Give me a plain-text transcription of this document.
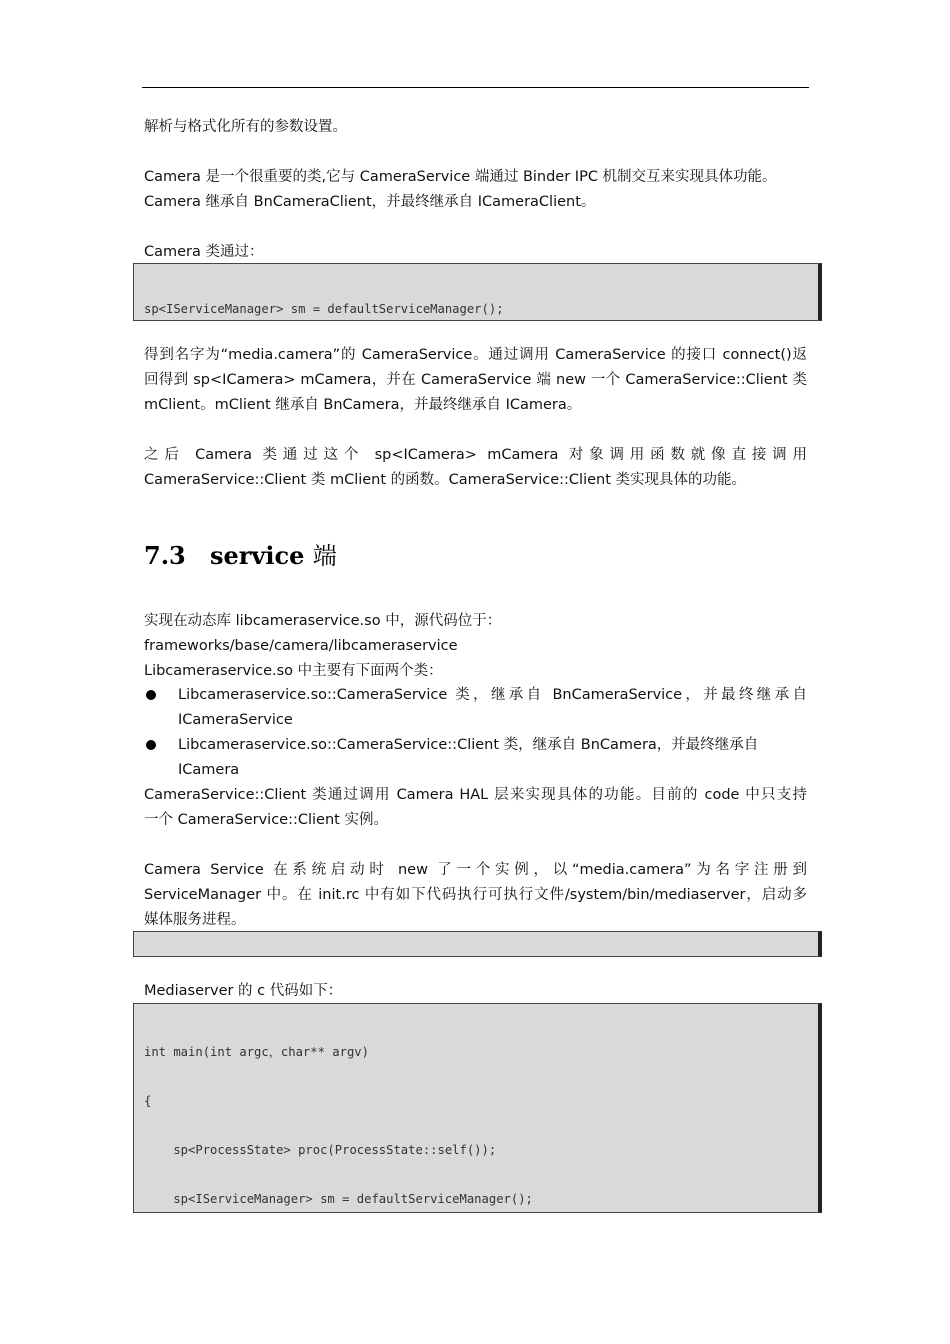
解析与格式化所有的参数设置。
Camera 是一个很重要的类,它与 CameraService 端通过 Binder IPC 机制交互来实现具体功能。
Camera 继承自 BnCameraClient，并最终继承自 ICameraClient。
Camera 类通过：

sp<IServiceManager> sm = defaultServiceManager();

得到名字为“media.camera”的 CameraService。通过调用 CameraService 的接口 connect()返
回得到 sp<ICamera> mCamera，并在 CameraService 端 new 一个 CameraService::Client 类
mClient。mClient 继承自 BnCamera，并最终继承自 ICamera。
之后 Camera 类通过这个 sp<ICamera> mCamera 对象调用函数就像直接调用
CameraService::Client 类 mClient 的函数。CameraService::Client 类实现具体的功能。
7.3 service 端
实现在动态库 libcameraservice.so 中，源代码位于：frameworks/base/camera/libcameraservice
Libcameraservice.so 中主要有下面两个类：
Libcameraservice.so::CameraService 类，继承自 BnCameraService，并最终继承自
ICameraService
Libcameraservice.so::CameraService::Client 类，继承自 BnCamera，并最终继承自 ICamera
CameraService::Client 类通过调用 Camera HAL 层来实现具体的功能。目前的 code 中只支持
一个 CameraService::Client 实例。
Camera Service 在系统启动时 new 了一个实例，以“media.camera”为名字注册到
ServiceManager 中。在 init.rc 中有如下代码执行可执行文件/system/bin/mediaserver，启动多
媒体服务进程。

Mediaserver 的 c 代码如下：

int main(int argc，char** argv)

{

sp<ProcessState> proc(ProcessState::self());

sp<IServiceManager> sm = defaultServiceManager();
